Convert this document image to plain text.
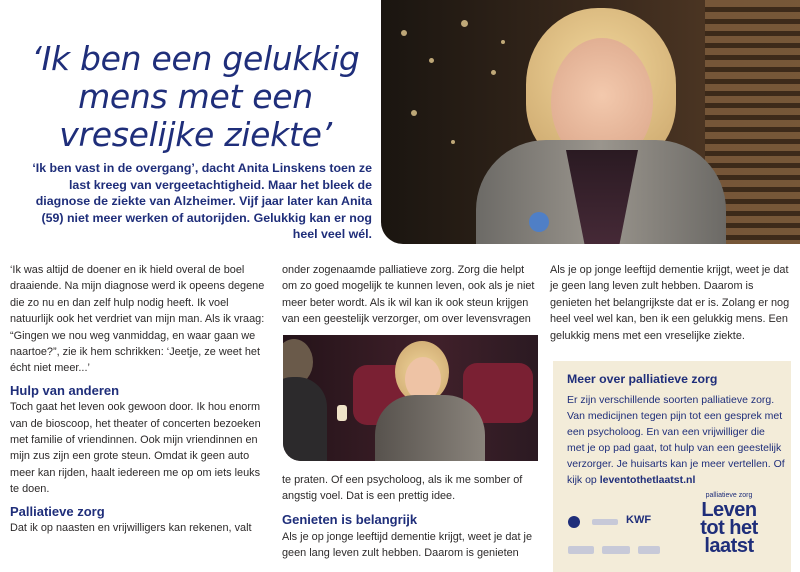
‘Ik ben een gelukkig
mens met een
vreselijke ziekte’
‘Ik ben vast in de overgang’, dacht Anita Linskens toen ze last kreeg van vergeetachtigheid. Maar het bleek de diagnose de ziekte van Alzheimer. Vijf jaar later kan Anita (59) niet meer werken of autorijden. Gelukkig kan er nog heel veel wél.

‘Ik was altijd de doener en ik hield overal de boel draaiende. Na mijn diagnose werd ik opeens degene die zo nu en dan zelf hulp nodig heeft. Ik voel natuurlijk ook het verdriet van mijn man. Als ik vraag: “Gingen we nou weg vanmiddag, en waar gaan we naartoe?”, zie ik hem schrikken: ‘Jeetje, ze weet het écht niet meer...’

Hulp van anderen

Toch gaat het leven ook gewoon door. Ik hou enorm van de bioscoop, het theater of concerten bezoeken met familie of vriendinnen. Ook mijn vriendinnen en mijn zus zijn een grote steun. Omdat ik geen auto meer kan rijden, haalt iedereen me op om iets leuks te doen.

Palliatieve zorg

Dat ik op naasten en vrijwilligers kan rekenen, valt

onder zogenaamde palliatieve zorg. Zorg die helpt om zo goed mogelijk te kunnen leven, ook als je niet meer beter wordt. Als ik wil kan ik ook steun krijgen van een geestelijk verzorger, om over levensvragen

te praten. Of een psycholoog, als ik me somber of angstig voel. Dat is een prettig idee.

Genieten is belangrijk

Als je op jonge leeftijd dementie krijgt, weet je dat je geen lang leven zult hebben. Daarom is genieten

Als je op jonge leeftijd dementie krijgt, weet je dat je geen lang leven zult hebben. Daarom is genieten het belangrijkste dat er is. Zolang er nog heel veel wel kan, ben ik een gelukkig mens. Een gelukkig mens met een vreselijke ziekte.

Meer over palliatieve zorg
Er zijn verschillende soorten palliatieve zorg. Van medicijnen tegen pijn tot een gesprek met een psycholoog. En van een vrijwilliger die met je op pad gaat, tot hulp van een geestelijk verzorger. Je huisarts kan je meer vertellen. Of kijk op leventothetlaatst.nl
KWF
palliatieve zorg
Leven
tot het
laatst
